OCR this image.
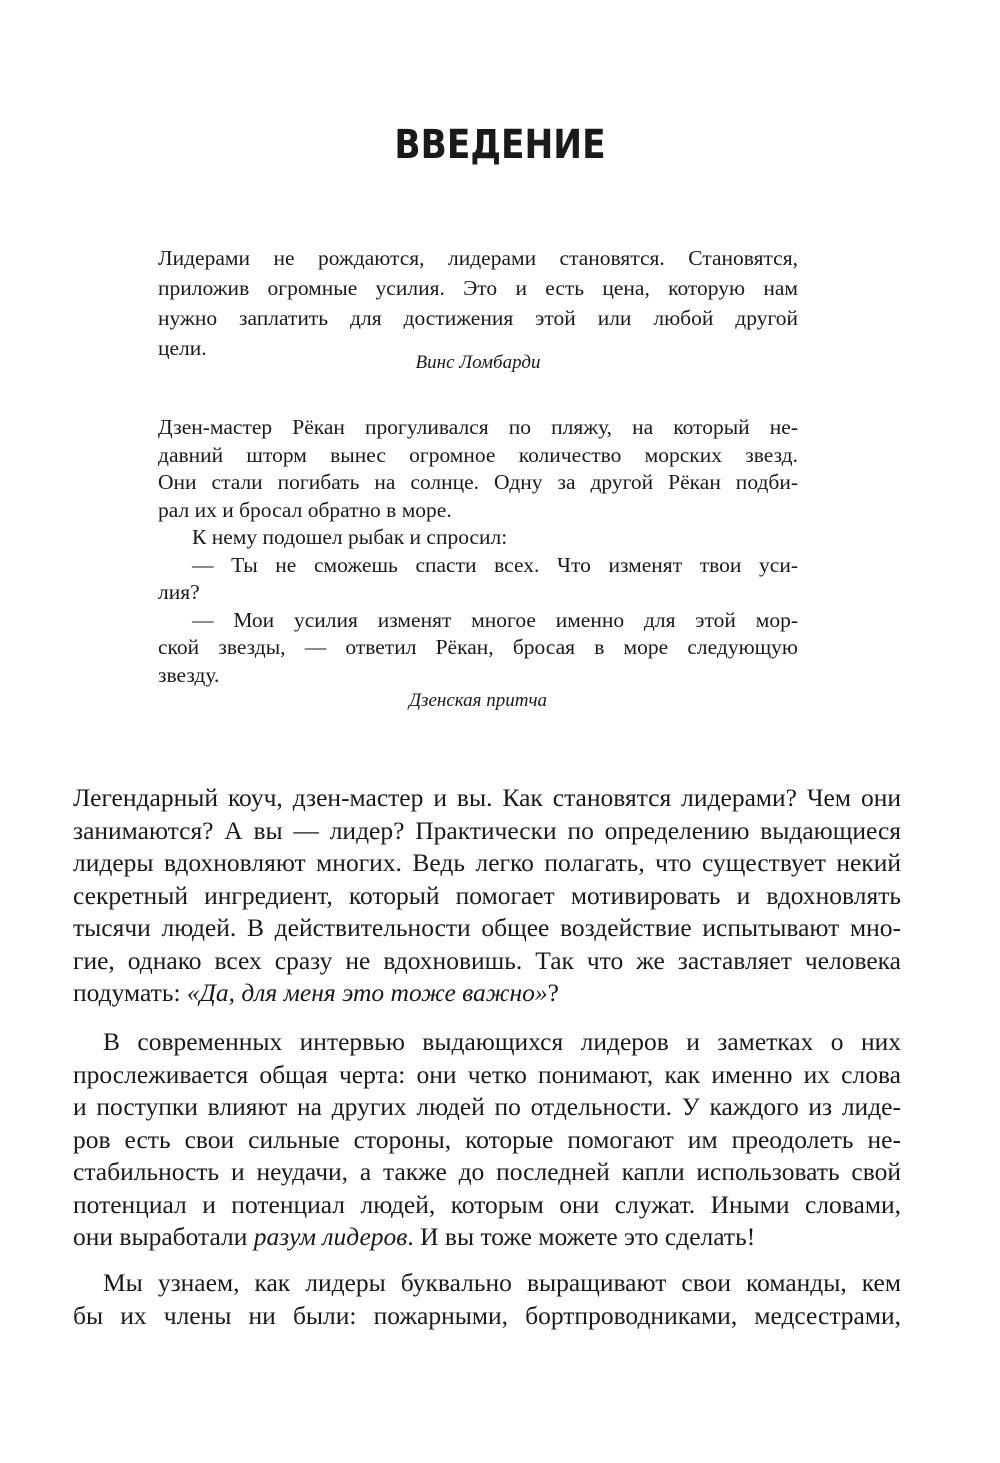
ВВЕДЕНИЕ
Лидерами не рождаются, лидерами становятся. Становятся,
приложив огромные усилия. Это и есть цена, которую нам
нужно заплатить для достижения этой или любой другой
цели.
Винс Ломбарди
Дзен-мастер Рёкан прогуливался по пляжу, на который не-
давний шторм вынес огромное количество морских звезд.
Они стали погибать на солнце. Одну за другой Рёкан подби-
рал их и бросал обратно в море.
К нему подошел рыбак и спросил:
— Ты не сможешь спасти всех. Что изменят твои уси-
лия?
— Мои усилия изменят многое именно для этой мор-
ской звезды, — ответил Рёкан, бросая в море следующую
звезду.
Дзенская притча
Легендарный коуч, дзен-мастер и вы. Как становятся лидерами? Чем они
занимаются? А вы — лидер? Практически по определению выдающиеся
лидеры вдохновляют многих. Ведь легко полагать, что существует некий
секретный ингредиент, который помогает мотивировать и вдохновлять
тысячи людей. В действительности общее воздействие испытывают мно-
гие, однако всех сразу не вдохновишь. Так что же заставляет человека
подумать: «Да, для меня это тоже важно»?
В современных интервью выдающихся лидеров и заметках о них
прослеживается общая черта: они четко понимают, как именно их слова
и поступки влияют на других людей по отдельности. У каждого из лиде-
ров есть свои сильные стороны, которые помогают им преодолеть не-
стабильность и неудачи, а также до последней капли использовать свой
потенциал и потенциал людей, которым они служат. Иными словами,
они выработали разум лидеров. И вы тоже можете это сделать!
Мы узнаем, как лидеры буквально выращивают свои команды, кем
бы их члены ни были: пожарными, бортпроводниками, медсестрами,
